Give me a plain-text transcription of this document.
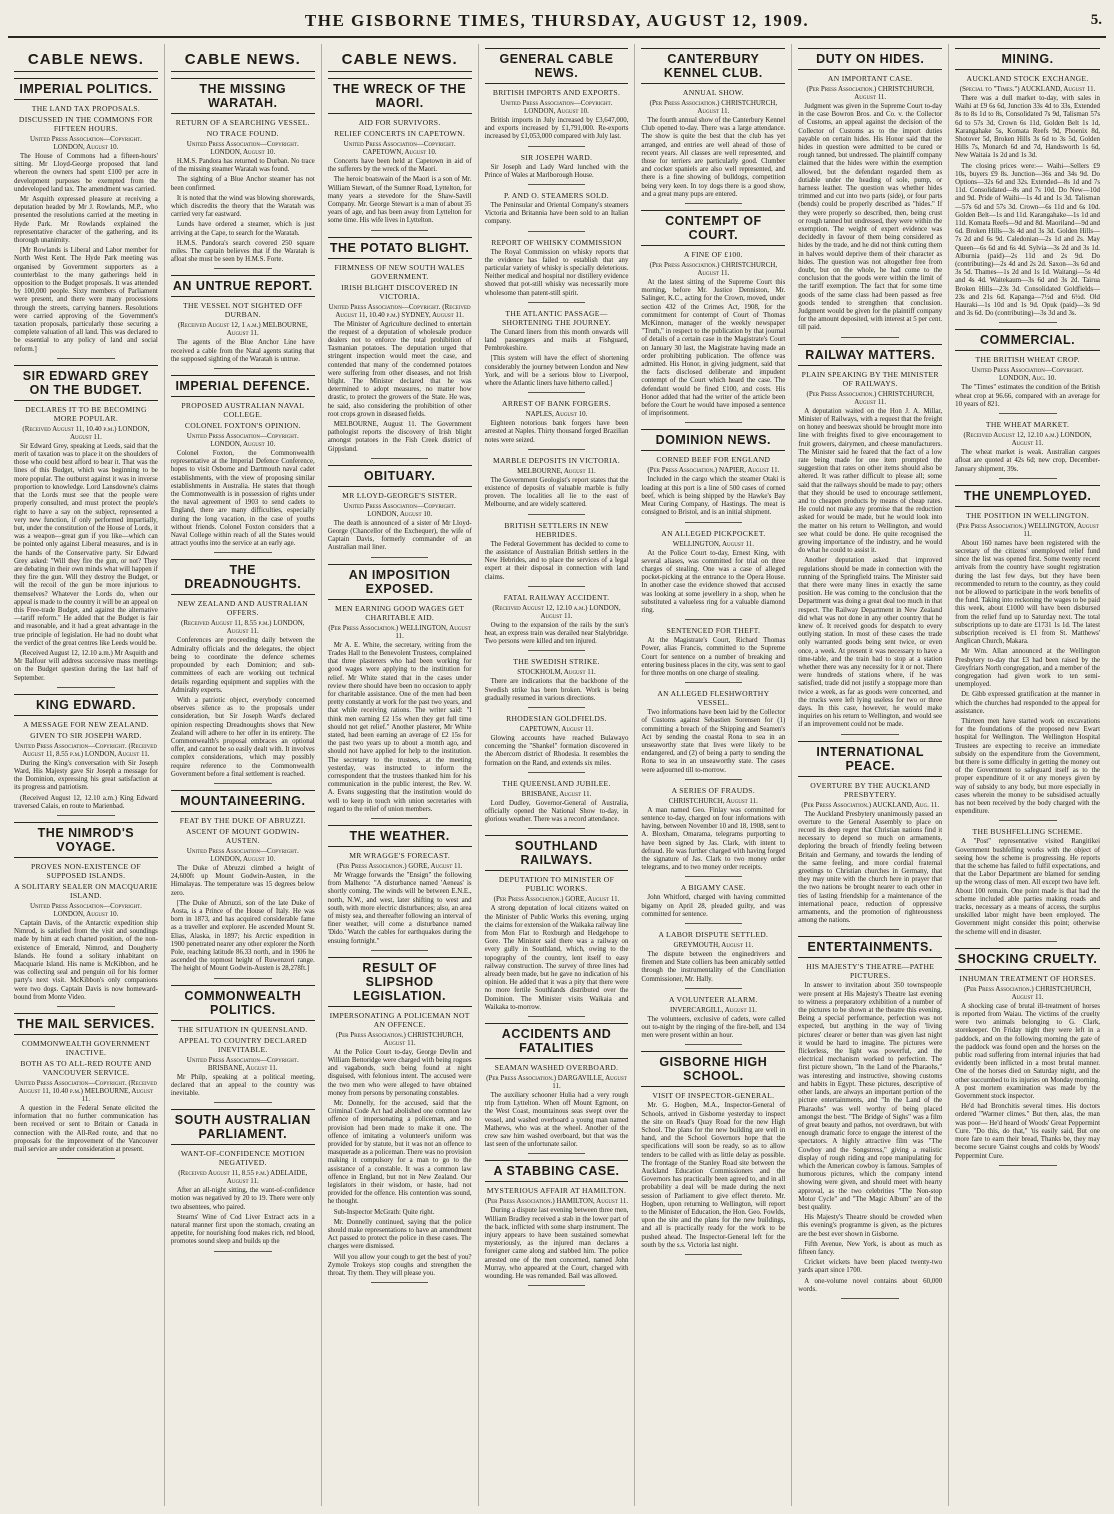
THE GISBORNE TIMES, THURSDAY, AUGUST 12, 1909.	5.
CABLE NEWS.
IMPERIAL POLITICS.
THE LAND TAX PROPOSALS.
DISCUSSED IN THE COMMONS FOR FIFTEEN HOURS.
United Press Association—Copyright. LONDON, August 10.

The House of Commons had a fifteen-hours' sitting. Mr Lloyd-George proposed that land whereon the owners had spent £100 per acre in development purposes be exempted from the undeveloped land tax. The amendment was carried.

Mr Asquith expressed pleasure at receiving a deputation headed by Mr J. Rowlands, M.P., who presented the resolutions carried at the meeting in Hyde Park. Mr Rowlands explained the representative character of the gathering, and its thorough unanimity.

[Mr Rowlands is Liberal and Labor member for North West Kent. The Hyde Park meeting was organised by Government supporters as a counterblast to the many gatherings held in opposition to the Budget proposals. It was attended by 100,000 people. Sixty members of Parliament were present, and there were many processions through the streets, carrying banners. Resolutions were carried approving of the Government's taxation proposals, particularly those securing a complete valuation of all land. This was declared to be essential to any policy of land and social reform.]

SIR EDWARD GREY ON THE BUDGET.
DECLARES IT TO BE BECOMING MORE POPULAR.
(Received August 11, 10.40 p.m.) LONDON, August 11.

Sir Edward Grey, speaking at Leeds, said that the merit of taxation was to place it on the shoulders of those who could best afford to bear it. That was the lines of this Budget, which was beginning to be more popular. The outburst against it was in inverse proportion to knowledge. Lord Lansdowne's claims that the Lords must see that the people were properly consulted, and must protect the people's right to have a say on the subject, represented a very new function, if only performed impartially, but, under the constitution of the House of Lords, it was a weapon—great gun if you like—which can be pointed only against Liberal measures, and is in the hands of the Conservative party. Sir Edward Grey asked: "Will they fire the gun, or not? They are debating in their own minds what will happen if they fire the gun. Will they destroy the Budget, or will the recoil of the gun be more injurious to themselves? Whatever the Lords do, when our appeal is made to the country it will be an appeal on this Free-trade Budget, and against the alternative—tariff reform." He added that the Budget is fair and reasonable, and it had a great advantage in the true principle of legislation. He had no doubt what the verdict of the great centres like Leeds would be.

(Received August 12, 12.10 a.m.) Mr Asquith and Mr Balfour will address successive mass meetings on the Budget question during the last half of September.

KING EDWARD.
A MESSAGE FOR NEW ZEALAND.
GIVEN TO SIR JOSEPH WARD.
United Press Association—Copyright. (Received August 11, 8.55 p.m.) LONDON, August 11.

During the King's conversation with Sir Joseph Ward, His Majesty gave Sir Joseph a message for the Dominion, expressing his great satisfaction at its progress and patriotism.

(Received August 12, 12.10 a.m.) King Edward traversed Calais, en route to Marienbad.

THE NIMROD'S VOYAGE.
PROVES NON-EXISTENCE OF SUPPOSED ISLANDS.
A SOLITARY SEALER ON MACQUARIE ISLAND.
United Press Association—Copyright. LONDON, August 10.

Captain Davis, of the Antarctic expedition ship Nimrod, is satisfied from the visit and soundings made by him at each charted position, of the non-existence of Emerald, Nimrod, and Dougherty Islands. He found a solitary inhabitant on Macquarie Island. His name is McKibbon, and he was collecting seal and penguin oil for his former party's next visit. McKibbon's only companions were two dogs. Captain Davis is now homeward-bound from Monte Video.

THE MAIL SERVICES.
COMMONWEALTH GOVERNMENT INACTIVE.
BOTH AS TO ALL-RED ROUTE AND VANCOUVER SERVICE.
United Press Association—Copyright. (Received August 11, 10.40 p.m.) MELBOURNE, August 11.

A question in the Federal Senate elicited the information that no further communication has been received or sent to Britain or Canada in connection with the All-Red route, and that no proposals for the improvement of the Vancouver mail service are under consideration at present.

CABLE NEWS.
THE MISSING WARATAH.
RETURN OF A SEARCHING VESSEL.
NO TRACE FOUND.
United Press Association—Copyright. LONDON, August 10.

H.M.S. Pandora has returned to Durban. No trace of the missing steamer Waratah was found.

The sighting of a Blue Anchor steamer has not been confirmed.

It is noted that the wind was blowing shorewards, which discredits the theory that the Waratah was carried very far eastward.

Lunds have ordered a steamer, which is just arriving at the Cape, to search for the Waratah.

H.M.S. Pandora's search covered 250 square miles. The captain believes that if the Waratah is afloat she must be seen by H.M.S. Forte.

AN UNTRUE REPORT.
THE VESSEL NOT SIGHTED OFF DURBAN.
(Received August 12, 1 a.m.) MELBOURNE, August 11.

The agents of the Blue Anchor Line have received a cable from the Natal agents stating that the supposed sighting of the Waratah is untrue.

IMPERIAL DEFENCE.
PROPOSED AUSTRALIAN NAVAL COLLEGE.
COLONEL FOXTON'S OPINION.
United Press Association—Copyright. LONDON, August 10.

Colonel Foxton, the Commonwealth representative at the Imperial Defence Conference, hopes to visit Osborne and Dartmouth naval cadet establishments, with the view of proposing similar establishments in Australia. He states that though the Commonwealth is in possession of rights under the naval agreement of 1903 to send cadets to England, there are many difficulties, especially during the long vacation, in the case of youths without friends. Colonel Foxton considers that a Naval College within reach of all the States would attract youths into the service at an early age.

THE DREADNOUGHTS.
NEW ZEALAND AND AUSTRALIAN OFFERS.
(Received August 11, 8.55 p.m.) LONDON, August 11.

Conferences are proceeding daily between the Admiralty officials and the delegates, the object being to coordinate the defence schemes propounded by each Dominion; and sub-committees of each are working out technical details regarding equipment and supplies with the Admiralty experts.

With a patriotic object, everybody concerned observes silence as to the proposals under consideration, but Sir Joseph Ward's declared opinion respecting Dreadnoughts shows that New Zealand will adhere to her offer in its entirety. The Commonwealth's proposal embraces an optional offer, and cannot be so easily dealt with. It involves complex considerations, which may possibly require reference to the Commonwealth Government before a final settlement is reached.

MOUNTAINEERING.
FEAT BY THE DUKE OF ABRUZZI.
ASCENT OF MOUNT GODWIN-AUSTEN.
United Press Association—Copyright. LONDON, August 10.

The Duke of Abruzzi climbed a height of 24,600ft up Mount Godwin-Austen, in the Himalayas. The temperature was 15 degrees below zero.

[The Duke of Abruzzi, son of the late Duke of Aosta, is a Prince of the House of Italy. He was born in 1873, and has acquired considerable fame as a traveller and explorer. He ascended Mount St. Elias, Alaska, in 1897; his Arctic expedition in 1900 penetrated nearer any other explorer the North Pole, reaching latitude 86.33 north, and in 1906 he ascended the topmost height of Ruwenzori range. The height of Mount Godwin-Austen is 28,278ft.]

COMMONWEALTH POLITICS.
THE SITUATION IN QUEENSLAND.
APPEAL TO COUNTRY DECLARED INEVITABLE.
United Press Association—Copyright. BRISBANE, August 11.

Mr Philp, speaking at a political meeting, declared that an appeal to the country was inevitable.

SOUTH AUSTRALIAN PARLIAMENT.
WANT-OF-CONFIDENCE MOTION NEGATIVED.
(Received August 11, 8.55 p.m.) ADELAIDE, August 11.

After an all-night sitting, the want-of-confidence motion was negatived by 20 to 19. There were only two absentees, who paired.

Stearns' Wine of Cod Liver Extract acts in a natural manner first upon the stomach, creating an appetite, for nourishing food makes rich, red blood, promotes sound sleep and builds up the

CABLE NEWS.
THE WRECK OF THE MAORI.
AID FOR SURVIVORS.
RELIEF CONCERTS IN CAPETOWN.
United Press Association—Copyright. CAPETOWN, August 10.

Concerts have been held at Capetown in aid of the sufferers by the wreck of the Maori.

The heroic boatswain of the Maori is a son of Mr. William Stewart, of the Sumner Road, Lyttelton, for many years a stevedore for the Shaw-Savill Company. Mr. George Stewart is a man of about 35 years of age, and has been away from Lyttelton for some time. His wife lives in Lyttelton.

THE POTATO BLIGHT.
FIRMNESS OF NEW SOUTH WALES GOVERNMENT.
IRISH BLIGHT DISCOVERED IN VICTORIA.
United Press Association—Copyright. (Received August 11, 10.40 p.m.) SYDNEY, August 11.

The Minister of Agriculture declined to entertain the request of a deputation of wholesale produce dealers not to enforce the total prohibition of Tasmanian potatoes. The deputation urged that stringent inspection would meet the case, and contended that many of the condemned potatoes were suffering from other diseases, and not Irish blight. The Minister declared that he was determined to adopt measures, no matter how drastic, to protect the growers of the State. He was, he said, also considering the prohibition of other root crops grown in diseased fields.

MELBOURNE, August 11. The Government pathologist reports the discovery of Irish blight amongst potatoes in the Fish Creek district of Gippsland.

OBITUARY.
MR LLOYD-GEORGE'S SISTER.
United Press Association—Copyright. LONDON, August 10.

The death is announced of a sister of Mr Lloyd-George (Chancellor of the Exchequer), the wife of Captain Davis, formerly commander of an Australian mail liner.

AN IMPOSITION EXPOSED.
MEN EARNING GOOD WAGES GET CHARITABLE AID.
(Per Press Association.) WELLINGTON, August 11.

Mr A. E. White, the secretary, writing from the Trades Hall to the Benevolent Trustees, complained that three plasterers who had been working for good wages were applying to the institution for relief. Mr White stated that in the cases under review there should have been no occasion to apply for charitable assistance. One of the men had been pretty constantly at work for the past two years, and that while receiving rations. The writer said: "I think men earning £2 15s when they get full time should not get relief." Another plasterer, Mr White stated, had been earning an average of £2 15s for the past two years up to about a month ago, and should not have applied for help to the institution. The secretary to the trustees, at the meeting yesterday, was instructed to inform the correspondent that the trustees thanked him for his communication in the public interest, the Rev. W. A. Evans suggesting that the institution would do well to keep in touch with union secretaries with regard to the relief of union members.

THE WEATHER.
MR WRAGGE'S FORECAST.
(Per Press Association.) GORE, August 11.

Mr Wragge forwards the "Ensign" the following from Malheno: "A disturbance named 'Aeneas' is shortly coming. The winds will be between E.N.E., north, N.W., and west, later shifting to west and south, with more electric disturbances; also, an area of misty sea, and thereafter following an interval of finer weather, will come a disturbance named 'Dido.' Watch the cables for earthquakes during the ensuing fortnight."

RESULT OF SLIPSHOD LEGISLATION.
IMPERSONATING A POLICEMAN NOT AN OFFENCE.
(Per Press Association.) CHRISTCHURCH, August 11.

At the Police Court to-day, George Devlin and William Bettoridge were charged with being rogues and vagabonds, such being found at night disguised, with felonious intent. The accused were the two men who were alleged to have obtained money from persons by personating constables.

Mr. Donnelly, for the accused, said that the Criminal Code Act had abolished one common law offence of impersonating a policeman, and no provision had been made to make it one. The offence of imitating a volunteer's uniform was provided for by statute, but it was not an offence to masquerade as a policeman. There was no provision making it compulsory for a man to go to the assistance of a constable. It was a common law offence in England, but not in New Zealand. Our legislators in their wisdom, or haste, had not provided for the offence. His contention was sound, he thought.

Sub-Inspector McGrath: Quite right.

Mr. Donnelly continued, saying that the police should make representations to have an amendment Act passed to protect the police in these cases. The charges were dismissed.

Will you allow your cough to get the best of you? Zymole Trokeys stop coughs and strengthen the throat. Try them. They will please you.

GENERAL CABLE NEWS.
BRITISH IMPORTS AND EXPORTS.
United Press Association—Copyright. LONDON, August 10.

British imports in July increased by £3,647,000, and exports increased by £1,791,000. Re-exports increased by £1,053,000 compared with July last.

SIR JOSEPH WARD.

Sir Joseph and Lady Ward lunched with the Prince of Wales at Marlborough House.

P. AND O. STEAMERS SOLD.

The Peninsular and Oriental Company's steamers Victoria and Britannia have been sold to an Italian company.

REPORT OF WHISKY COMMISSION

The Royal Commission on whisky reports that the evidence has failed to establish that any particular variety of whisky is specially deleterious. Neither medical and hospital nor distillery evidence showed that pot-still whisky was necessarily more wholesome than patent-still spirit.

THE ATLANTIC PASSAGE—SHORTENING THE JOURNEY.

The Cunard liners from this month onwards will land passengers and mails at Fishguard, Pembrokeshire.

[This system will have the effect of shortening considerably the journey between London and New York, and will be a serious blow to Liverpool, where the Atlantic liners have hitherto called.]

ARREST OF BANK FORGERS.
NAPLES, August 10.

Eighteen notorious bank forgers have been arrested at Naples. Thirty thousand forged Brazilian notes were seized.

MARBLE DEPOSITS IN VICTORIA.
MELBOURNE, August 11.

The Government Geologist's report states that the existence of deposits of valuable marble is fully proven. The localities all lie to the east of Melbourne, and are widely scattered.

BRITISH SETTLERS IN NEW HEBRIDES.

The Federal Government has decided to come to the assistance of Australian British settlers in the New Hebrides, and to place the services of a legal expert at their disposal in connection with land claims.

FATAL RAILWAY ACCIDENT.
(Received August 12, 12.10 a.m.) LONDON, August 11.

Owing to the expansion of the rails by the sun's heat, an express train was derailed near Stalybridge. Two persons were killed and ten injured.

THE SWEDISH STRIKE.
STOCKHOLM, August 11.

There are indications that the backbone of the Swedish strike has been broken. Work is being gradually resumed in various directions.

RHODESIAN GOLDFIELDS.
CAPETOWN, August 11.

Glowing accounts have reached Bulawayo concerning the "Shankel" formation discovered in the Abercorn district of Rhodesia. It resembles the formation on the Rand, and extends six miles.

THE QUEENSLAND JUBILEE.
BRISBANE, August 11.

Lord Dudley, Governor-General of Australia, officially opened the National Show to-day, in glorious weather. There was a record attendance.

SOUTHLAND RAILWAYS.
DEPUTATION TO MINISTER OF PUBLIC WORKS.
(Per Press Association.) GORE, August 11.

A strong deputation of local citizens waited on the Minister of Public Works this evening, urging the claims for extension of the Waikaka railway line from Mon Flat to Roxburgh and Hedgehope to Gore. The Minister said there was a railway on every gully in Southland, which, owing to the topography of the country, lent itself to easy railway construction. The survey of three lines had already been made, but he gave no indication of his opinion. He added that it was a pity that there were no more fertile Southlands distributed over the Dominion. The Minister visits Waikaia and Waikaka to-morrow.

ACCIDENTS AND FATALITIES
SEAMAN WASHED OVERBOARD.
(Per Press Association.) DARGAVILLE, August 11.

The auxiliary schooner Hulia had a very rough trip from Lyttelton. When off Mount Egmont, on the West Coast, mountainous seas swept over the vessel, and washed overboard a young man named Mathews, who was at the wheel. Another of the crew saw him washed overboard, but that was the last seen of the unfortunate sailor.

A STABBING CASE.
MYSTERIOUS AFFAIR AT HAMILTON.
(Per Press Association.) HAMILTON, August 11.

During a dispute last evening between three men, William Bradley received a stab in the lower part of the back, inflicted with some sharp instrument. The injury appears to have been sustained somewhat mysteriously, as the injured man declares a foreigner came along and stabbed him. The police arrested one of the men concerned, named John Murray, who appeared at the Court, charged with wounding. He was remanded. Bail was allowed.

CANTERBURY KENNEL CLUB.
ANNUAL SHOW.
(Per Press Association.) CHRISTCHURCH, August 11.

The fourth annual show of the Canterbury Kennel Club opened to-day. There was a large attendance. The show is quite the best that the club has yet arranged, and entries are well ahead of those of recent years. All classes are well represented, and those for terriers are particularly good. Clumber and cocker spaniels are also well represented, and there is a fine showing of bulldogs, competition being very keen. In toy dogs there is a good show, and a great many pups are entered.

CONTEMPT OF COURT.
A FINE OF £100.
(Per Press Association.) CHRISTCHURCH, August 11.

At the latest sitting of the Supreme Court this morning, before Mr. Justice Denniston, Mr. Salinger, K.C., acting for the Crown, moved, under section 432 of the Crimes Act, 1908, for the commitment for contempt of Court of Thomas McKinnon, manager of the weekly newspaper "Truth," in respect to the publication by that journal of details of a certain case in the Magistrate's Court on January 30 last, the Magistrate having made an order prohibiting publication. The offence was admitted. His Honor, in giving judgment, said that the facts disclosed deliberate and impudent contempt of the Court which heard the case. The defendant would be fined £100, and costs. His Honor added that had the writer of the article been before the Court he would have imposed a sentence of imprisonment.

DOMINION NEWS.
CORNED BEEF FOR ENGLAND
(Per Press Association.) NAPIER, August 11.

Included in the cargo which the steamer Otaki is loading at this port is a line of 500 cases of corned beef, which is being shipped by the Hawke's Bay Meat Curing Company, of Hastings. The meat is consigned to Bristol, and is an initial shipment.

AN ALLEGED PICKPOCKET.
WELLINGTON, August 11.

At the Police Court to-day, Ernest King, with several aliases, was committed for trial on three charges of stealing. One was a case of alleged pocket-picking at the entrance to the Opera House. In another case the evidence showed that accused was looking at some jewellery in a shop, when he substituted a valueless ring for a valuable diamond ring.

SENTENCED FOR THEFT.

At the Magistrate's Court, Richard Thomas Power, alias Francis, committed to the Supreme Court for sentence on a number of breaking and entering business places in the city, was sent to gaol for three months on one charge of stealing.

AN ALLEGED FLESHWORTHY VESSEL.

Two informations have been laid by the Collector of Customs against Sebastien Sorensen for (1) committing a breach of the Shipping and Seamen's Act by sending the coastal Rona to sea in an unseaworthy state that lives were likely to be endangered, and (2) of being a party to sending the Rona to sea in an unseaworthy state. The cases were adjourned till to-morrow.

A SERIES OF FRAUDS.
CHRISTCHURCH, August 11.

A man named Geo. Finlay was committed for sentence to-day, charged on four informations with having, between November 10 and 18, 1908, sent to A. Bloxham, Omarama, telegrams purporting to have been signed by Jas. Clark, with intent to defraud. He was further charged with having forged the signature of Jas. Clark to two money order telegrams, and to two money order receipts.

A BIGAMY CASE.

John Whitford, charged with having committed bigamy on April 28, pleaded guilty, and was committed for sentence.

A LABOR DISPUTE SETTLED.
GREYMOUTH, August 11.

The dispute between the enginedrivers and firemen and State colliers has been amicably settled through the instrumentality of the Conciliation Commissioner, Mr. Hally.

A VOLUNTEER ALARM.
INVERCARGILL, August 11.

The volunteers, exclusive of cadets, were called out to-night by the ringing of the fire-bell, and 134 men were present within an hour.

GISBORNE HIGH SCHOOL.
VISIT OF INSPECTOR-GENERAL.

Mr. G. Hogben, M.A., Inspector-General of Schools, arrived in Gisborne yesterday to inspect the site on Read's Quay Road for the new High School. The plans for the new building are well in hand, and the School Governors hope that the specifications will soon be ready, so as to allow tenders to be called with as little delay as possible. The frontage of the Stanley Road site between the Auckland Education Commissioners and the Governors has practically been agreed to, and in all probability a deal will be made during the next session of Parliament to give effect thereto. Mr. Hogben, upon returning to Wellington, will report to the Minister of Education, the Hon. Geo. Fowlds, upon the site and the plans for the new buildings, and all is practically ready for the work to be pushed ahead. The Inspector-General left for the south by the s.s. Victoria last night.

DUTY ON HIDES.
AN IMPORTANT CASE.
(Per Press Association.) CHRISTCHURCH, August 11.

Judgment was given in the Supreme Court to-day in the case Bowron Bros. and Co. v. the Collector of Customs, an appeal against the decision of the Collector of Customs as to the import duties payable on certain hides. His Honor said that the hides in question were admitted to be cured or rough tanned, but undressed. The plaintiff company claimed that the hides were within the exemption allowed, but the defendant regarded them as dutiable under the heading of sole, pump, or harness leather. The question was whether hides trimmed and cut into two parts (side), or four parts (bends) could be properly described as "hides." If they were properly so described, then, being crust or rough tanned but undressed, they were within the exemption. The weight of expert evidence was decidedly in favour of them being considered as hides by the trade, and he did not think cutting them in halves would deprive them of their character as hides. The question was not altogether free from doubt, but on the whole, he had come to the conclusion that the goods were within the limit of the tariff exemption. The fact that for some time goods of the same class had been passed as free goods tended to strengthen that conclusion. Judgment would be given for the plaintiff company for the amount deposited, with interest at 5 per cent. till paid.

RAILWAY MATTERS.
PLAIN SPEAKING BY THE MINISTER OF RAILWAYS.
(Per Press Association.) CHRISTCHURCH, August 11.

A deputation waited on the Hon J. A. Millar, Minister of Railways, with a request that the freight on honey and beeswax should be brought more into line with freights fixed to give encouragement to fruit growers, dairymen, and cheese manufacturers. The Minister said he feared that the fact of a low rate being made for one item prompted the suggestion that rates on other items should also be altered. It was rather difficult to please all; some said that the railways should be made to pay; others that they should be used to encourage settlement, and to cheapen products by means of cheap rates. He could not make any promise that the reduction asked for would be made, but he would look into the matter on his return to Wellington, and would see what could be done. He quite recognised the growing importance of the industry, and he would do what he could to assist it.

Another deputation asked that improved regulations should be made in connection with the running of the Springfield trains. The Minister said that there were many lines in exactly the same position. He was coming to the conclusion that the Department was doing a great deal too much in that respect. The Railway Department in New Zealand did what was not done in any other country that he knew of. It received goods for despatch to every outlying station. In most of these cases the trade only warranted goods being sent twice, or even once, a week. At present it was necessary to have a time-table, and the train had to stop at a station whether there was any necessity for it or not. There were hundreds of stations where, if he was satisfied, trade did not justify a stoppage more than twice a week, as far as goods were concerned, and the trucks were left lying useless for two or three days. In this case, however, he would make inquiries on his return to Wellington, and would see if an improvement could not be made.

INTERNATIONAL PEACE.
OVERTURE BY THE AUCKLAND PRESBYTERY.
(Per Press Association.) AUCKLAND, Aug. 11.

The Auckland Presbytery unanimously passed an overture to the General Assembly to place on record its deep regret that Christian nations find it necessary to depend so much on armaments, deploring the breach of friendly feeling between Britain and Germany, and towards the lending of the same feeling, and more cordial fraternal greetings to Christian churches in Germany, that they may unite with the church here in prayer that the two nations be brought nearer to each other in ties of lasting friendship for a maintenance of the international peace, reduction of oppressive armaments, and the promotion of righteousness among the nations.

ENTERTAINMENTS.
HIS MAJESTY'S THEATRE—PATHE PICTURES.

In answer to invitation about 350 townspeople were present at His Majesty's Theatre last evening to witness a preparatory exhibition of a number of the pictures to be shown at the theatre this evening. Being a special performance, perfection was not expected, but anything in the way of 'living pictures' clearer or better than was given last night it would be hard to imagine. The pictures were flickerless, the light was powerful, and the electrical mechanism worked to perfection. The first picture shown, "In the Land of the Pharaohs," was interesting and instructive, showing customs and habits in Egypt. These pictures, descriptive of other lands, are always an important portion of the picture entertainments, and "In the Land of the Pharaohs" was well worthy of being placed amongst the best. "The Bridge of Sighs" was a film of great beauty and pathos, not overdrawn, but with enough dramatic force to engage the interest of the spectators. A highly attractive film was "The Cowboy and the Songstress," giving a realistic display of rough riding and rope manipulating for which the American cowboy is famous. Samples of humorous pictures, which the company intend showing were given, and should meet with hearty approval, as the two celebrities "The Non-stop Motor Cycle" and "The Magic Album" are of the best quality.

His Majesty's Theatre should be crowded when this evening's programme is given, as the pictures are the best ever shown in Gisborne.

Fifth Avenue, New York, is about as much as fifteen fancy.

Cricket wickets have been placed twenty-two yards apart since 1700.

A one-volume novel contains about 60,000 words.

MINING.
AUCKLAND STOCK EXCHANGE.
(Special to "Times.") AUCKLAND, August 11.

There was a dull market to-day, with sales in Waihi at £9 6s 6d, Junction 33s 4d to 33s, Extended 8s to 8s 1d to 8s, Consolidated 7s 9d, Talisman 57s 6d to 57s 3d, Crown 6s 11d, Golden Belt 1s 1d, Karangahake 5s, Komata Reefs 9d, Phoenix 8d, Shotover 5d, Broken Hills 3s 6d to 3s 5d, Golden Hills 7s, Monarch 6d and 7d, Handsworth 1s 6d, New Waitaia 1s 2d and 1s 3d.

The closing prices were:— Waihi—Sellers £9 10s, buyers £9 8s. Junction—36s and 34s 9d. Do Options—32s 6d and 32s. Extended—8s 1d and 7s 11d. Consolidated—8s and 7s 10d. Do New—10d and 9d. Pride of Waihi—1s 4d and 1s 3d. Talisman—57s 6d and 57s 3d. Crown—6s 11d and 6s 10d. Golden Belt—1s and 11d. Karangahake—1s 1d and 11d. Komata Reefs—9d and 8d. Maoriland—9d and 6d. Broken Hills—3s 4d and 3s 3d. Golden Hills—7s 2d and 6s 9d. Caledonian—2s 1d and 2s. May Queen—6s 6d and 6s 4d. Sylvia—3s 2d and 3s 1d. Alburnia (paid)—2s 11d and 2s 9d. Do (contributing)—2s 4d and 2s 2d. Saxon—3s 6d and 3s 5d. Thames—1s 2d and 1s 1d. Waitangi—5s 4d and 4s 4d. Waitekaum—3s 6d and 3s 2d. Tairua Broken Hills—23s 3d. Consolidated Goldfields—23s and 21s 6d. Kapanga—7½d and 6½d. Old Hauraki—1s 10d and 1s 9d. Opuk (paid)—3s 9d and 3s 6d. Do (contributing)—3s 3d and 3s.

COMMERCIAL.
THE BRITISH WHEAT CROP.
United Press Association—Copyright. LONDON, Aug. 10.

The "Times" estimates the condition of the British wheat crop at 96.66, compared with an average for 10 years of 821.

THE WHEAT MARKET.
(Received August 12, 12.10 a.m.) LONDON, August 11.

The wheat market is weak. Australian cargoes afloat are quoted at 42s 6d; new crop, December-January shipment, 39s.

THE UNEMPLOYED.
THE POSITION IN WELLINGTON.
(Per Press Association.) WELLINGTON, August 11.

About 160 names have been registered with the secretary of the citizens' unemployed relief fund since the list was opened first. Some twenty recent arrivals from the country have sought registration during the last few days, but they have been recommended to return to the country, as they could not be allowed to participate in the work benefits of the fund. Taking into reckoning the wages to be paid this week, about £1000 will have been disbursed from the relief fund up to Saturday next. The total subscriptions up to date are £1731 1s 1d. The latest subscription received is £1 from St. Matthews' Anglican Church, Makara.

Mr Wm. Allan announced at the Wellington Presbytery to-day that £3 had been raised by the Greyfriars North congregation, and a member of the congregation had given work to ten semi-unemployed.

Dr. Gibb expressed gratification at the manner in which the churches had responded to the appeal for assistance.

Thirteen men have started work on excavations for the foundations of the proposed new Ewart hospital for Wellington. The Wellington Hospital Trustees are expecting to receive an immediate subsidy on the expenditure from the Government, but there is some difficulty in getting the money out of the Government to safeguard itself as to the proper expenditure of it or any moneys given by way of subsidy to any body, but more especially in cases wherein the money to be subsidised actually has not been received by the body charged with the expenditure.

THE BUSHFELLING SCHEME.

A "Post" representative visited Rangitikei Government bushfelling works with the object of seeing how the scheme is progressing. He reports that the scheme has failed to fulfil expectations, and that the Labor Department are blamed for sending up the wrong class of men. All except two have left. About 100 remain. One point made is that had the scheme included able parties making roads and tracks, necessary as a means of access, the surplus unskilled labor might have been employed. The Government might consider this point; otherwise the scheme will end in disaster.

SHOCKING CRUELTY.
INHUMAN TREATMENT OF HORSES.
(Per Press Association.) CHRISTCHURCH, August 11.

A shocking case of brutal ill-treatment of horses is reported from Waiau. The victims of the cruelty were two animals belonging to G. Clark, storekeeper. On Friday night they were left in a paddock, and on the following morning the gate of the paddock was found open and the horses on the public road suffering from internal injuries that had evidently been inflicted in a most brutal manner. One of the horses died on Saturday night, and the other succumbed to its injuries on Monday morning. A post mortem examination was made by the Government stock inspector.

He'd had Bronchitis several times. His doctors ordered "Warmer climes." But then, alas, the man was poor— He'd heard of Woods' Great Peppermint Cure. "Do this, do that," 'tis easily said, But one more fare to earn their bread, Thanks be, they may become secure 'Gainst coughs and colds by Woods' Peppermint Cure.
